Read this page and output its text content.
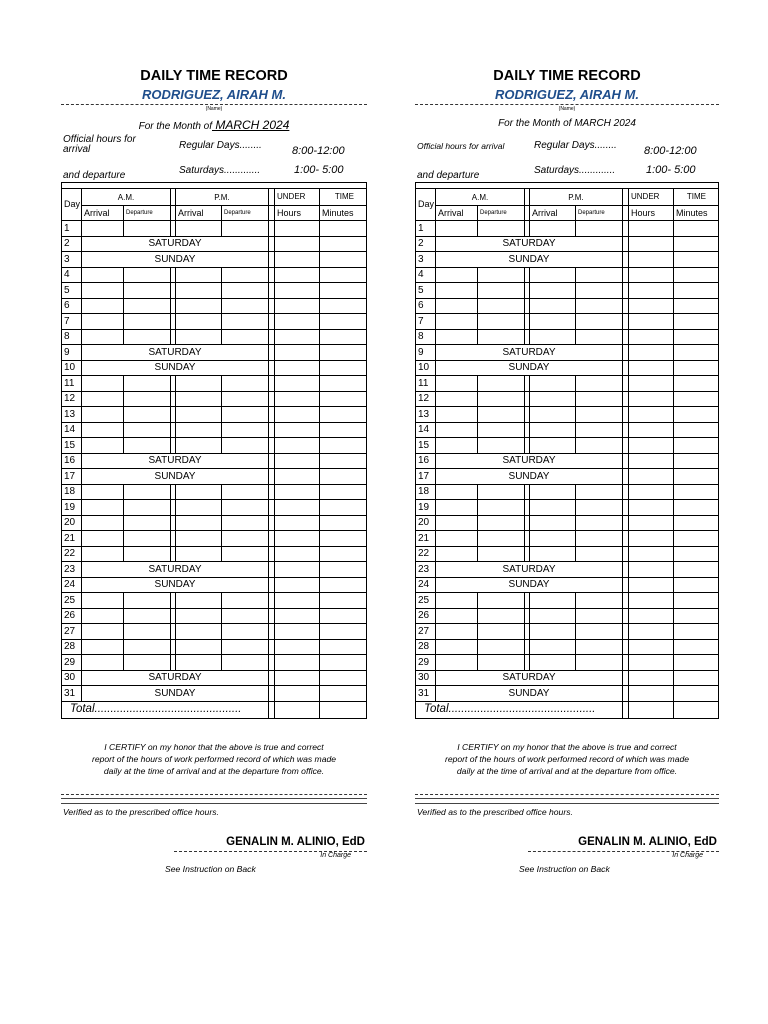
DAILY TIME RECORD
RODRIGUEZ, AIRAH M.
(Name)
For the Month of MARCH 2024
Official hours for arrival
and departure
Regular Days........	8:00-12:00
Saturdays.............	1:00- 5:00

Day	A.M.			P.M.			UNDER	TIME
	Arrival	Departure		Arrival	Departure		Hours	Minutes
1								
2	SATURDAY							
3	SUNDAY							
4								
5								
6								
7								
8								
9	SATURDAY							
10	SUNDAY							
11								
12								
13								
14								
15								
16	SATURDAY							
17	SUNDAY							
18								
19								
20								
21								
22								
23	SATURDAY							
24	SUNDAY							
25								
26								
27								
28								
29								
30	SATURDAY							
31	SUNDAY							
Total..............................................								
I CERTIFY on my honor that the above is true and correct
report of the hours of work performed record of which was made
daily at the time of arrival and at the departure from office.
Verified as to the prescribed office hours.
GENALIN M. ALINIO, EdD
In Charge
See Instruction on Back
DAILY TIME RECORD
RODRIGUEZ, AIRAH M.
(Name)
For the Month of MARCH 2024
Official hours for arrival
and departure
Regular Days........ 8:00-12:00
Saturdays.............	1:00- 5:00

Day	A.M.			P.M.			UNDER	TIME
	Arrival	Departure		Arrival	Departure		Hours	Minutes
1								
2	SATURDAY							
3	SUNDAY							
4								
5								
6								
7								
8								
9	SATURDAY							
10	SUNDAY							
11								
12								
13								
14								
15								
16	SATURDAY							
17	SUNDAY							
18								
19								
20								
21								
22								
23	SATURDAY							
24	SUNDAY							
25								
26								
27								
28								
29								
30	SATURDAY							
31	SUNDAY							
Total..............................................								
I CERTIFY on my honor that the above is true and correct
report of the hours of work performed record of which was made
daily at the time of arrival and at the departure from office.
Verified as to the prescribed office hours.
GENALIN M. ALINIO, EdD
In Charge
See Instruction on Back
